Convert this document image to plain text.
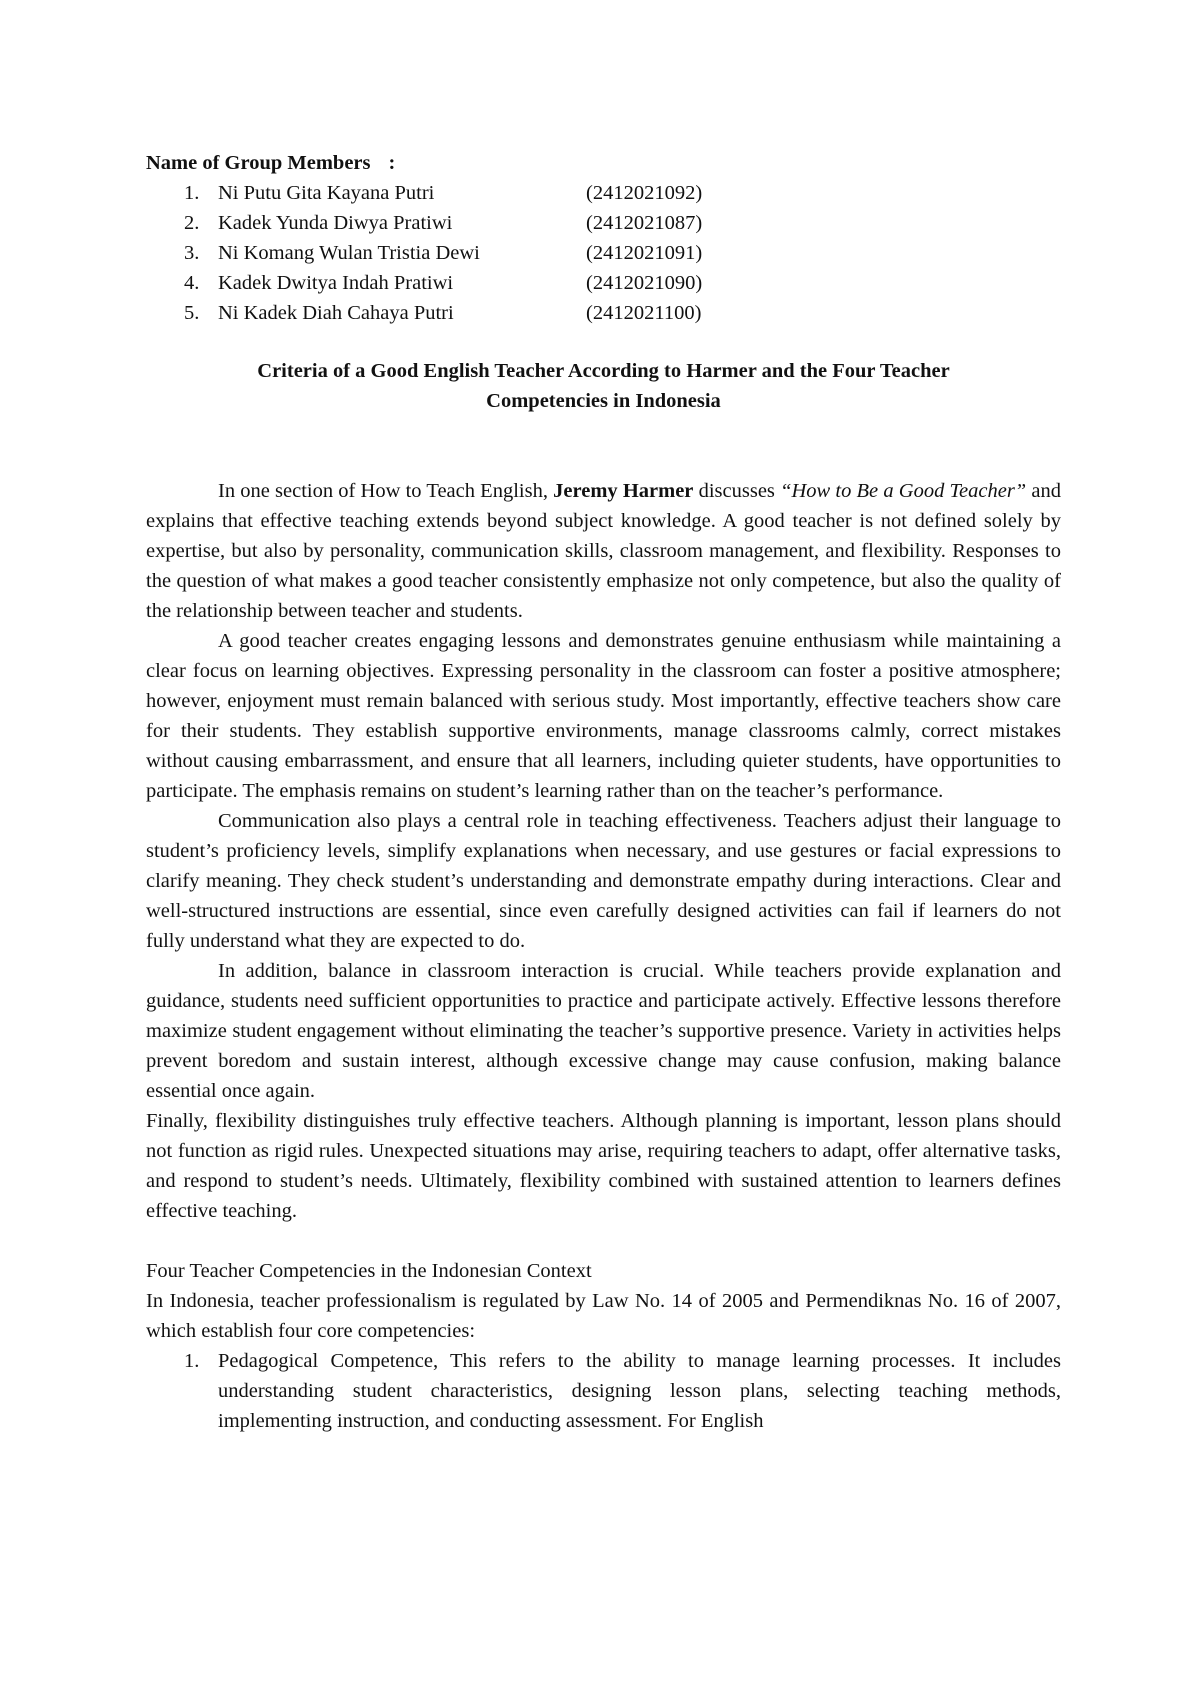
Name of Group Members :

1. Ni Putu Gita Kayana Putri	(2412021092)
2. Kadek Yunda Diwya Pratiwi	(2412021087)
3. Ni Komang Wulan Tristia Dewi	(2412021091)
4. Kadek Dwitya Indah Pratiwi	(2412021090)
5. Ni Kadek Diah Cahaya Putri	(2412021100)
Criteria of a Good English Teacher According to Harmer and the Four Teacher
Competencies in Indonesia

In one section of How to Teach English, Jeremy Harmer discusses “How to Be a Good Teacher” and explains that effective teaching extends beyond subject knowledge. A good teacher is not defined solely by expertise, but also by personality, communication skills, classroom management, and flexibility. Responses to the question of what makes a good teacher consistently emphasize not only competence, but also the quality of the relationship between teacher and students.

A good teacher creates engaging lessons and demonstrates genuine enthusiasm while maintaining a clear focus on learning objectives. Expressing personality in the classroom can foster a positive atmosphere; however, enjoyment must remain balanced with serious study. Most importantly, effective teachers show care for their students. They establish supportive environments, manage classrooms calmly, correct mistakes without causing embarrassment, and ensure that all learners, including quieter students, have opportunities to participate. The emphasis remains on student’s learning rather than on the teacher’s performance.

Communication also plays a central role in teaching effectiveness. Teachers adjust their language to student’s proficiency levels, simplify explanations when necessary, and use gestures or facial expressions to clarify meaning. They check student’s understanding and demonstrate empathy during interactions. Clear and well-structured instructions are essential, since even carefully designed activities can fail if learners do not fully understand what they are expected to do.

In addition, balance in classroom interaction is crucial. While teachers provide explanation and guidance, students need sufficient opportunities to practice and participate actively. Effective lessons therefore maximize student engagement without eliminating the teacher’s supportive presence. Variety in activities helps prevent boredom and sustain interest, although excessive change may cause confusion, making balance essential once again.

Finally, flexibility distinguishes truly effective teachers. Although planning is important, lesson plans should not function as rigid rules. Unexpected situations may arise, requiring teachers to adapt, offer alternative tasks, and respond to student’s needs. Ultimately, flexibility combined with sustained attention to learners defines effective teaching.

Four Teacher Competencies in the Indonesian Context

In Indonesia, teacher professionalism is regulated by Law No. 14 of 2005 and Permendiknas No. 16 of 2007, which establish four core competencies:

1. Pedagogical Competence, This refers to the ability to manage learning processes. It includes understanding student characteristics, designing lesson plans, selecting teaching methods, implementing instruction, and conducting assessment. For English
